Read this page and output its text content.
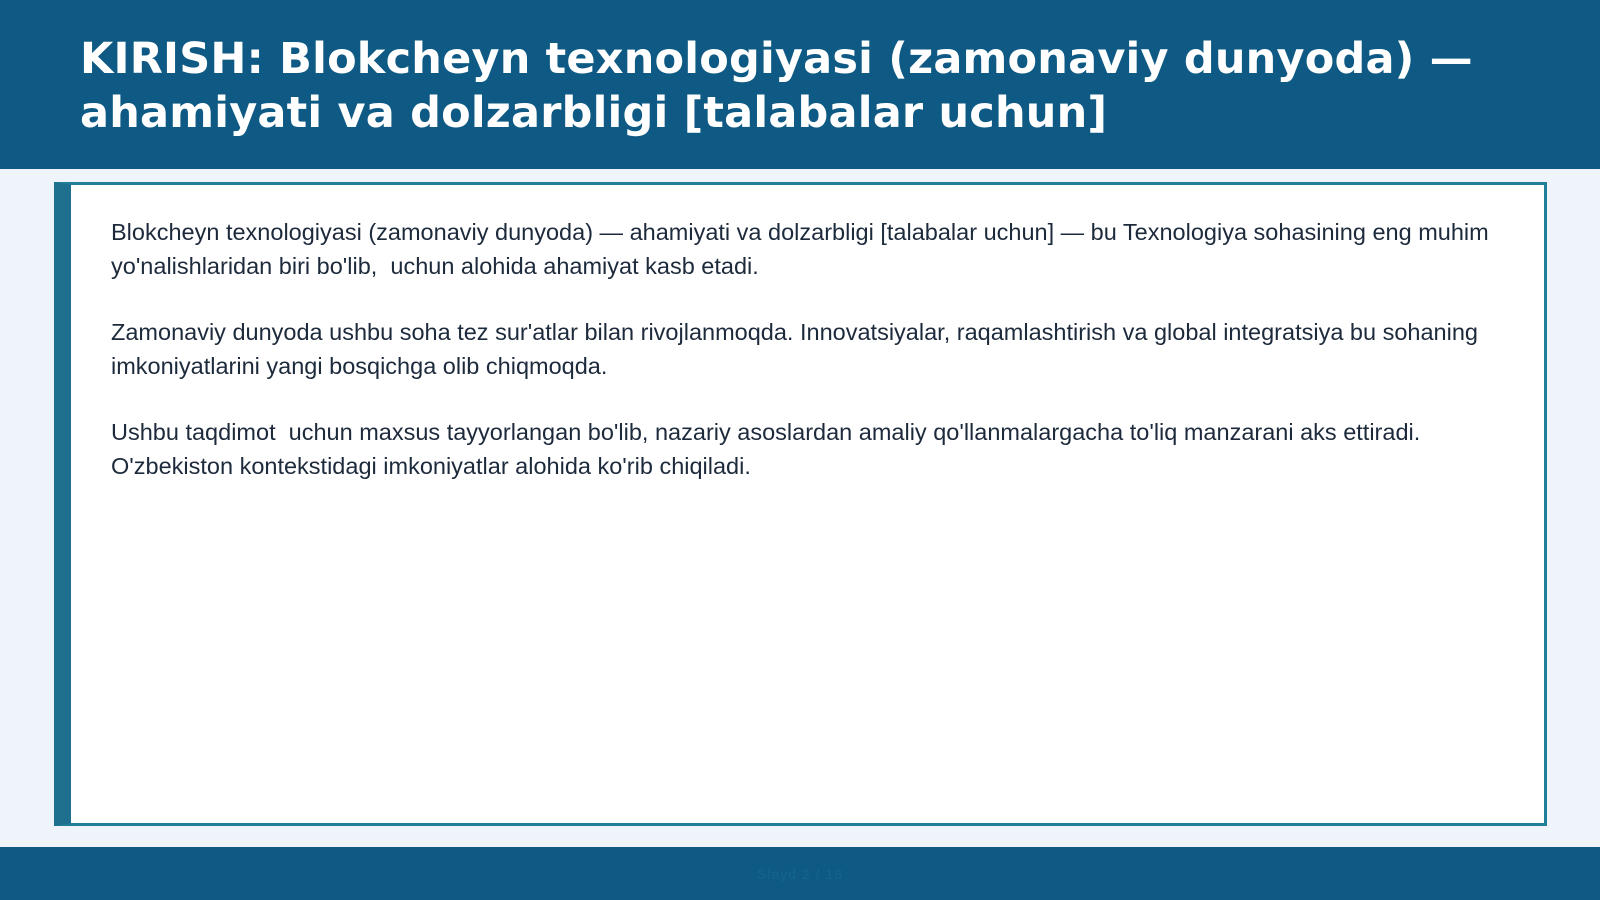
KIRISH: Blokcheyn texnologiyasi (zamonaviy dunyoda) — ahamiyati va dolzarbligi [talabalar uchun]

Blokcheyn texnologiyasi (zamonaviy dunyoda) — ahamiyati va dolzarbligi [talabalar uchun] — bu Texnologiya sohasining eng muhim yo'nalishlaridan biri bo'lib,  uchun alohida ahamiyat kasb etadi.

Zamonaviy dunyoda ushbu soha tez sur'atlar bilan rivojlanmoqda. Innovatsiyalar, raqamlashtirish va global integratsiya bu sohaning imkoniyatlarini yangi bosqichga olib chiqmoqda.

Ushbu taqdimot  uchun maxsus tayyorlangan bo'lib, nazariy asoslardan amaliy qo'llanmalargacha to'liq manzarani aks ettiradi. O'zbekiston kontekstidagi imkoniyatlar alohida ko'rib chiqiladi.

Slayd 2 / 18
